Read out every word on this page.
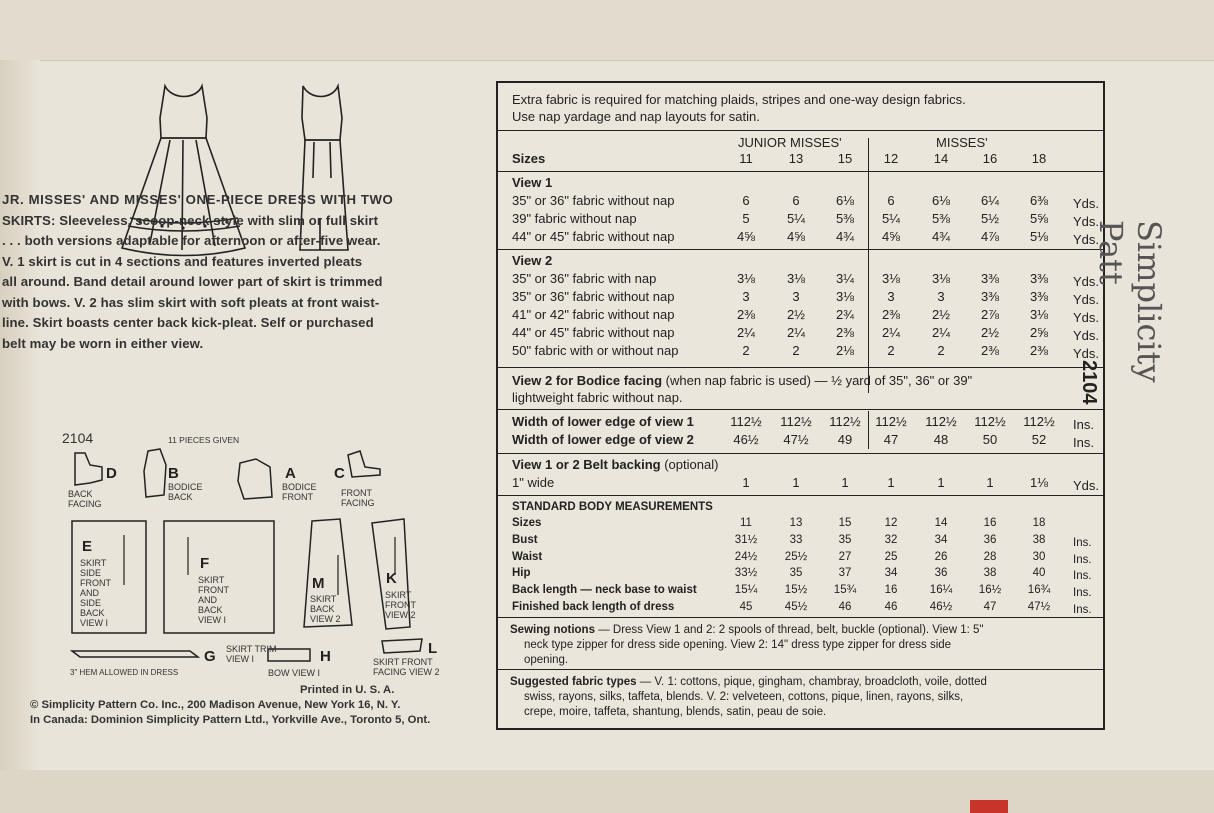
JR. MISSES' AND MISSES' ONE-PIECE DRESS WITH TWO

SKIRTS: Sleeveless, scoop-neck style with slim or full skirt

. . . both versions adaptable for afternoon or after-five wear.

V. 1 skirt is cut in 4 sections and features inverted pleats

all around. Band detail around lower part of skirt is trimmed

with bows. V. 2 has slim skirt with soft pleats at front waist-

line. Skirt boasts center back kick-pleat. Self or purchased

belt may be worn in either view.

2104	11 PIECES GIVEN
D
BACK
FACING
B
BODICE
BACK
A
BODICE
FRONT
C
FRONT
FACING
E
SKIRT
SIDE
FRONT
AND
SIDE
BACK
VIEW I
F
SKIRT
FRONT
AND
BACK
VIEW I
M
SKIRT
BACK
VIEW 2
K
SKIRT
FRONT
VIEW 2
G SKIRT TRIM
VIEW I	H
BOW VIEW I
L
SKIRT FRONT
FACING VIEW 2
3" HEM ALLOWED IN DRESS
Printed in U. S. A.
© Simplicity Pattern Co. Inc., 200 Madison Avenue, New York 16, N. Y.
In Canada: Dominion Simplicity Pattern Ltd., Yorkville Ave., Toronto 5, Ont.
Extra fabric is required for matching plaids, stripes and one-way design fabrics.
Use nap yardage and nap layouts for satin.
JUNIOR MISSES'	MISSES'
Sizes
View 1
View 2
View 2 for Bodice facing (when nap fabric is used) — ½ yard of 35", 36" or 39"
lightweight fabric without nap.
View 1 or 2 Belt backing (optional)
STANDARD BODY MEASUREMENTS
Sewing notions — Dress View 1 and 2: 2 spools of thread, belt, buckle (optional). View 1: 5"
neck type zipper for dress side opening. View 2: 14" dress type zipper for dress side
opening.
Suggested fabric types — V. 1: cottons, pique, gingham, chambray, broadcloth, voile, dotted
swiss, rayons, silks, taffeta, blends. V. 2: velveteen, cottons, pique, linen, rayons, silks,
crepe, moire, taffeta, shantung, blends, satin, peau de soie.
11	13	15 12	14	16	18
35" or 36" fabric without nap	6	6	6⅛	6	6⅛	6¼	6⅜	Yds.
39" fabric without nap	5	5¼	5⅜	5¼	5⅜	5½	5⅝	Yds.
44" or 45" fabric without nap	4⅝	4⅝	4¾	4⅝	4¾	4⅞	5⅛	Yds.
35" or 36" fabric with nap	3⅛	3⅛	3¼	3⅛	3⅛	3⅜	3⅜	Yds.
35" or 36" fabric without nap	3	3	3⅛	3	3	3⅜	3⅜	Yds.
41" or 42" fabric without nap	2⅜	2½	2¾	2⅜	2½	2⅞	3⅛	Yds.
44" or 45" fabric without nap	2¼	2¼	2⅜	2¼	2¼	2½	2⅝	Yds.
50" fabric with or without nap	2	2	2⅛	2	2	2⅜	2⅜	Yds.
Width of lower edge of view 1	112½ 112½ 112½ 112½ 112½ 112½ 112½ Ins.
Width of lower edge of view 2	46½	47½	49	47	48	50	52	Ins.
1" wide	1	1	1	1	1	1	1⅛	Yds.
Sizes	11	13	15	12	14	16	18
Bust	31½	33	35	32	34	36	38	Ins.
Waist	24½	25½	27	25	26	28	30	Ins.
Hip	33½	35	37	34	36	38	40	Ins.
Back length — neck base to waist	15¼	15½	15¾	16	16¼	16½	16¾	Ins.
Finished back length of dress	45	45½	46	46	46½	47	47½	Ins.
2104 Simplicity Patt
